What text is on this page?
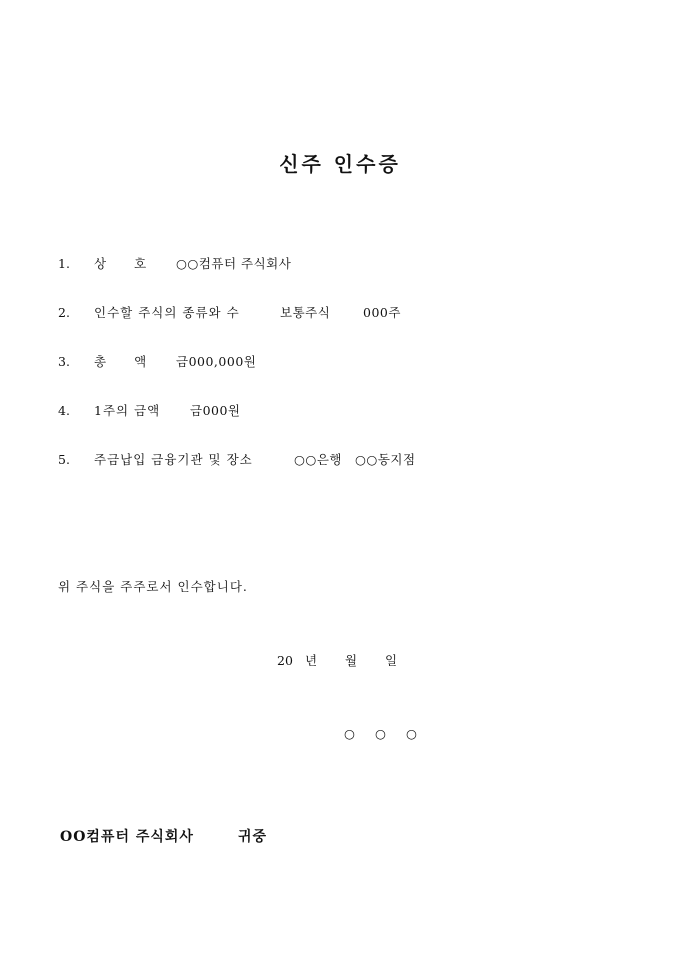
신주 인수증
1. 상　　호 ○○컴퓨터 주식회사
2. 인수할 주식의 종류와 수	보통주식	000주
3. 총　　액 금000,000원
4. 1주의 금액 금000원
5. 주금납입 금융기관 및 장소	○○은행 ○○동지점
위 주식을 주주로서 인수합니다.
20 년 월 일
○ ○ ○
OO컴퓨터 주식회사	귀중
